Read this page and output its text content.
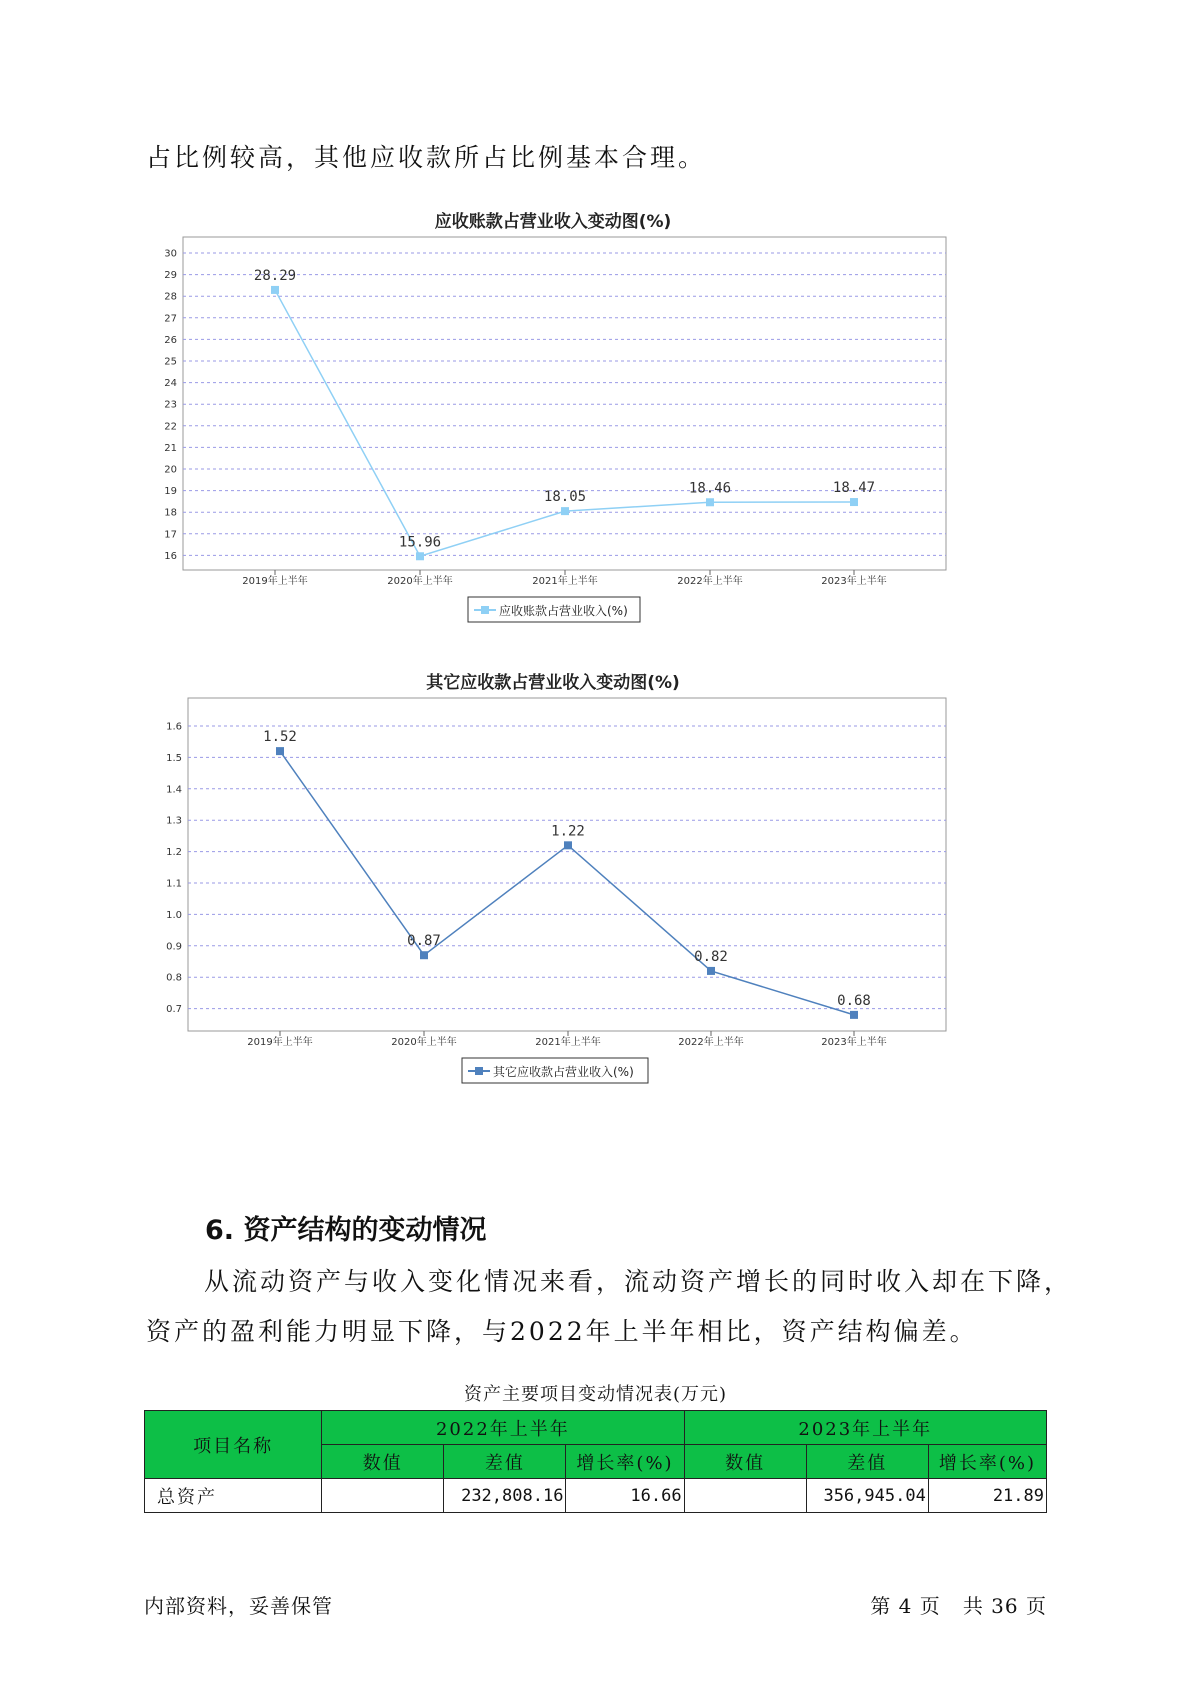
占比例较高，其他应收款所占比例基本合理。

应收账款占营业收入变动图(%)
30
29
28
27
26
25
24
23
22
21
20
19
18
17
16
2019年上半年	2020年上半年	2021年上半年	2022年上半年	2023年上半年
28.29
15.96
18.05
18.46	18.47
应收账款占营业收入(%)
其它应收款占营业收入变动图(%)
1.6
1.5
1.4
1.3
1.2
1.1
1.0
0.9
0.8
0.7
2019年上半年	2020年上半年	2021年上半年	2022年上半年	2023年上半年
1.52
0.87
1.22
0.82
0.68
其它应收款占营业收入(%)
6. 资产结构的变动情况

从流动资产与收入变化情况来看，流动资产增长的同时收入却在下降，

资产的盈利能力明显下降，与2022年上半年相比，资产结构偏差。

资产主要项目变动情况表(万元)
项目名称	2022年上半年			2023年上半年		
	数值	差值	增长率(%)	数值	差值	增长率(%)
总资产		232,808.16	16.66		356,945.04	21.89
内部资料，妥善保管	第 4 页   共 36 页
